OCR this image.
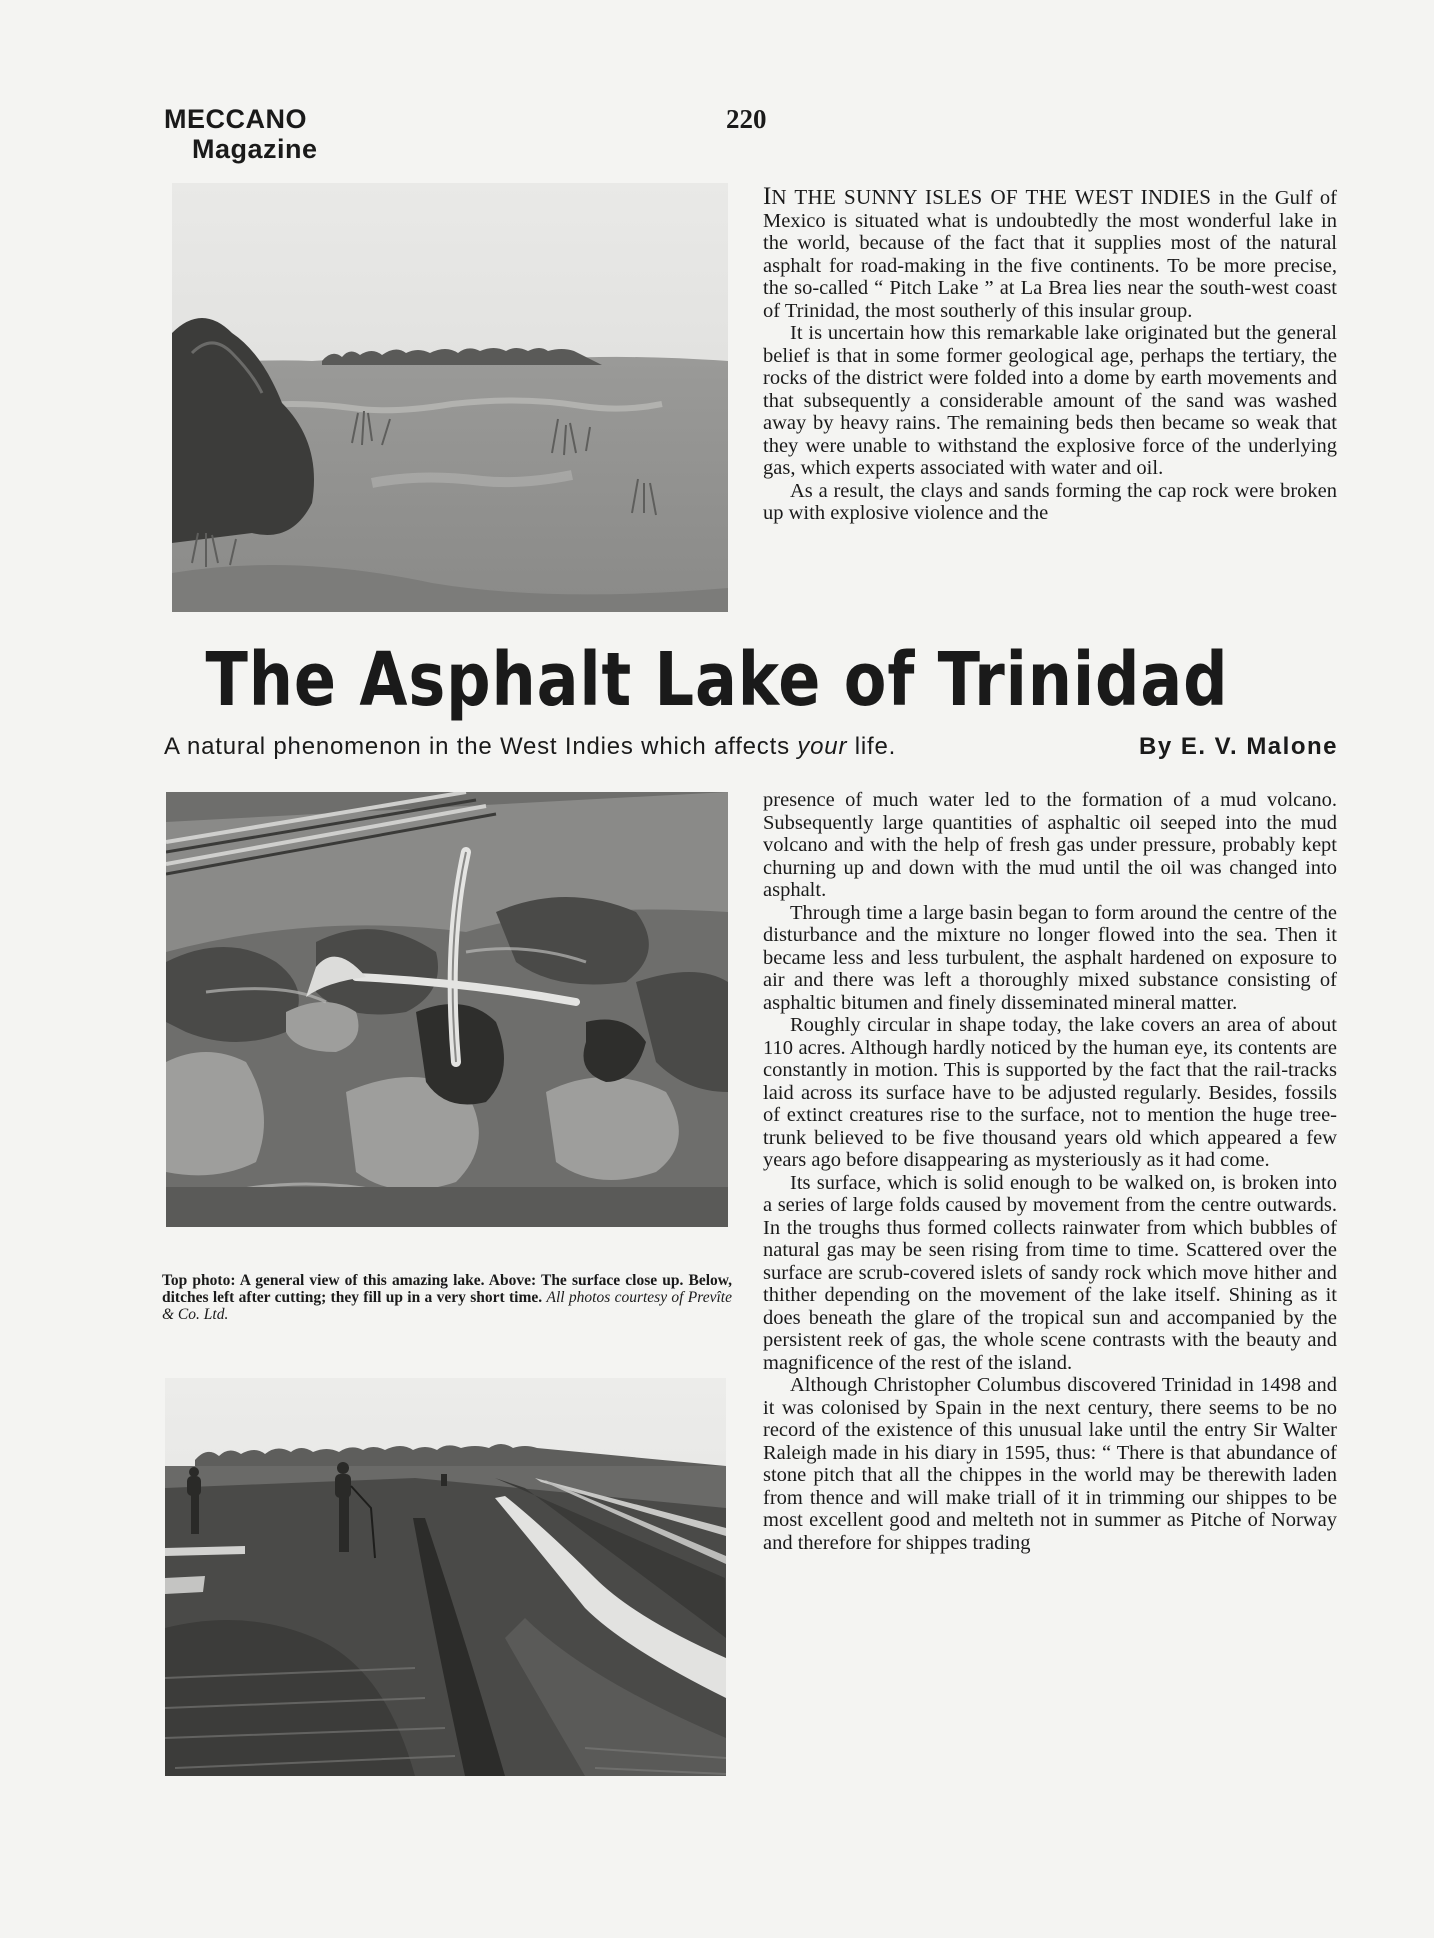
MECCANO
Magazine
220

IN THE SUNNY ISLES OF THE WEST INDIES in the Gulf of Mexico is situated what is undoubtedly the most wonderful lake in the world, because of the fact that it supplies most of the natural asphalt for road-making in the five continents. To be more precise, the so-called “ Pitch Lake ” at La Brea lies near the south-west coast of Trinidad, the most southerly of this insular group.

It is uncertain how this remarkable lake originated but the general belief is that in some former geological age, perhaps the tertiary, the rocks of the district were folded into a dome by earth movements and that subsequently a considerable amount of the sand was washed away by heavy rains. The remaining beds then became so weak that they were unable to withstand the explosive force of the underlying gas, which experts associated with water and oil.

As a result, the clays and sands forming the cap rock were broken up with explosive violence and the

The Asphalt Lake of Trinidad
A natural phenomenon in the West Indies which affects your life.	By E. V. Malone
Top photo: A general view of this amazing lake. Above: The surface close up. Below, ditches left after cutting; they fill up in a very short time. All photos courtesy of Prevîte & Co. Ltd.

presence of much water led to the formation of a mud volcano. Subsequently large quantities of asphaltic oil seeped into the mud volcano and with the help of fresh gas under pressure, probably kept churning up and down with the mud until the oil was changed into asphalt.

Through time a large basin began to form around the centre of the disturbance and the mixture no longer flowed into the sea. Then it became less and less turbulent, the asphalt hardened on exposure to air and there was left a thoroughly mixed substance consisting of asphaltic bitumen and finely disseminated mineral matter.

Roughly circular in shape today, the lake covers an area of about 110 acres. Although hardly noticed by the human eye, its contents are constantly in motion. This is supported by the fact that the rail-tracks laid across its surface have to be adjusted regularly. Besides, fossils of extinct creatures rise to the surface, not to mention the huge tree-trunk believed to be five thousand years old which appeared a few years ago before disappearing as mysteriously as it had come.

Its surface, which is solid enough to be walked on, is broken into a series of large folds caused by movement from the centre outwards. In the troughs thus formed collects rainwater from which bubbles of natural gas may be seen rising from time to time. Scattered over the surface are scrub-covered islets of sandy rock which move hither and thither depending on the movement of the lake itself. Shining as it does beneath the glare of the tropical sun and accompanied by the persistent reek of gas, the whole scene contrasts with the beauty and magnificence of the rest of the island.

Although Christopher Columbus discovered Trinidad in 1498 and it was colonised by Spain in the next century, there seems to be no record of the existence of this unusual lake until the entry Sir Walter Raleigh made in his diary in 1595, thus: “ There is that abundance of stone pitch that all the chippes in the world may be therewith laden from thence and will make triall of it in trimming our shippes to be most excellent good and melteth not in summer as Pitche of Norway and therefore for shippes trading
